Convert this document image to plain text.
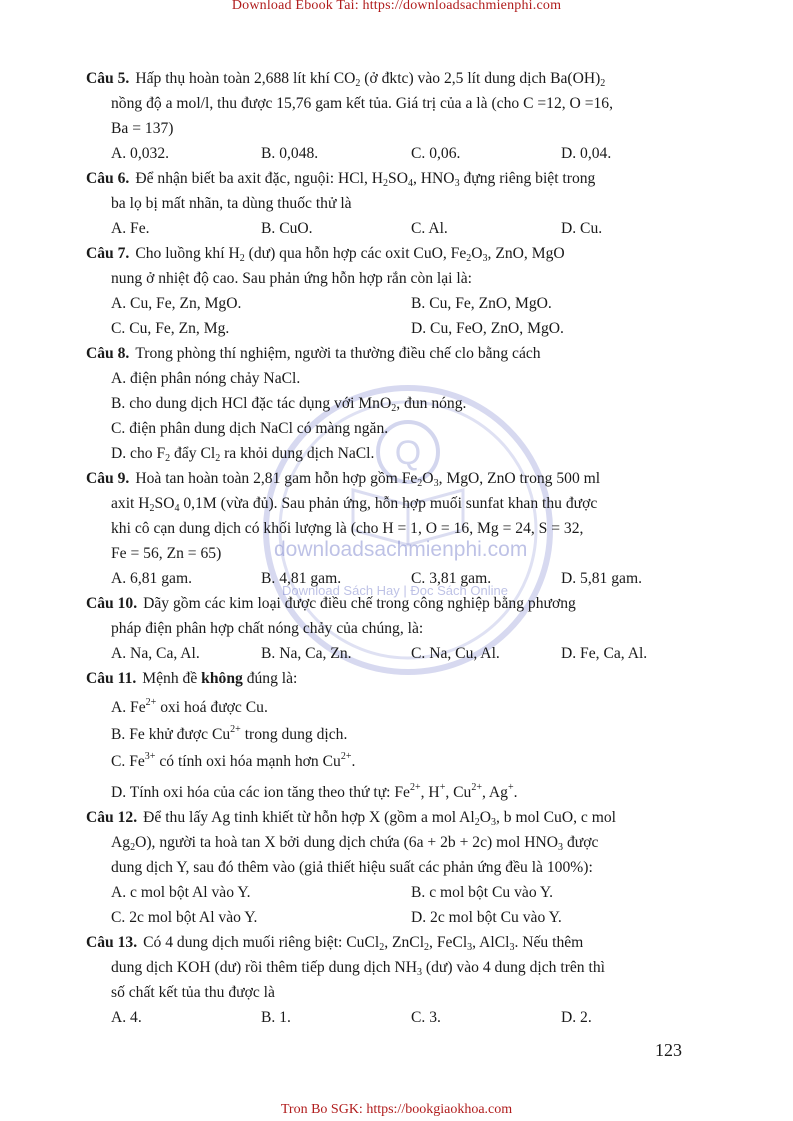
Download Ebook Tai: https://downloadsachmienphi.com
Q
downloadsachmienphi.com
Download Sách Hay | Đọc Sách Online
Câu 5. Hấp thụ hoàn toàn 2,688 lít khí $CO_2$ (ở đktc) vào 2,5 lít dung dịch $Ba(OH)_2$
nồng độ a mol/l, thu được 15,76 gam kết tủa. Giá trị của a là (cho C =12, O =16,
Ba = 137)
A. 0,032.	B. 0,048.	C. 0,06.	D. 0,04.
Câu 6. Để nhận biết ba axit đặc, nguội: HCl, $H_2SO_4$, $HNO_3$ đựng riêng biệt trong
ba lọ bị mất nhãn, ta dùng thuốc thử là
A. Fe.	B. CuO.	C. Al.	D. Cu.
Câu 7. Cho luồng khí $H_2$ (dư) qua hỗn hợp các oxit CuO, $Fe_2O_3$, ZnO, MgO
nung ở nhiệt độ cao. Sau phản ứng hỗn hợp rắn còn lại là:
A. Cu, Fe, Zn, MgO.	B. Cu, Fe, ZnO, MgO.
C. Cu, Fe, Zn, Mg.	D. Cu, FeO, ZnO, MgO.
Câu 8. Trong phòng thí nghiệm, người ta thường điều chế clo bằng cách
A. điện phân nóng chảy NaCl.
B. cho dung dịch HCl đặc tác dụng với MnO$_2$, đun nóng.
C. điện phân dung dịch NaCl có màng ngăn.
D. cho $F_2$ đẩy $Cl_2$ ra khỏi dung dịch NaCl.
Câu 9. Hoà tan hoàn toàn 2,81 gam hỗn hợp gồm $Fe_2O_3$, MgO, ZnO trong 500 ml
axit $H_2SO_4$ 0,1M (vừa đủ). Sau phản ứng, hỗn hợp muối sunfat khan thu được
khi cô cạn dung dịch có khối lượng là (cho H = 1, O = 16, Mg = 24, S = 32,
Fe = 56, Zn = 65)
A. 6,81 gam.	B. 4,81 gam.	C. 3,81 gam.	D. 5,81 gam.
Câu 10. Dãy gồm các kim loại được điều chế trong công nghiệp bằng phương
pháp điện phân hợp chất nóng chảy của chúng, là:
A. Na, Ca, Al.	B. Na, Ca, Zn.	C. Na, Cu, Al.	D. Fe, Ca, Al.
Câu 11. Mệnh đề không đúng là:
A. $Fe^{2+}$ oxi hoá được Cu.
B. Fe khử được $Cu^{2+}$ trong dung dịch.
C. $Fe^{3+}$ có tính oxi hóa mạnh hơn $Cu^{2+}$.
D. Tính oxi hóa của các ion tăng theo thứ tự: $Fe^{2+}$, H+, $Cu^{2+}$, Ag+.
Câu 12. Để thu lấy Ag tinh khiết từ hỗn hợp X (gồm a mol $Al_2O_3$, b mol CuO, c mol
$Ag_2O$), người ta hoà tan X bởi dung dịch chứa (6a + 2b + 2c) mol $HNO_3$ được
dung dịch Y, sau đó thêm vào (giả thiết hiệu suất các phản ứng đều là 100%):
A. c mol bột Al vào Y.	B. c mol bột Cu vào Y.
C. 2c mol bột Al vào Y.	D. 2c mol bột Cu vào Y.
Câu 13. Có 4 dung dịch muối riêng biệt: CuCl$_2$, ZnCl$_2$, FeCl$_3$, AlCl$_3$. Nếu thêm
dung dịch KOH (dư) rồi thêm tiếp dung dịch $NH_3$ (dư) vào 4 dung dịch trên thì
số chất kết tủa thu được là
A. 4.	B. 1.	C. 3.	D. 2.
123
Tron Bo SGK: https://bookgiaokhoa.com
